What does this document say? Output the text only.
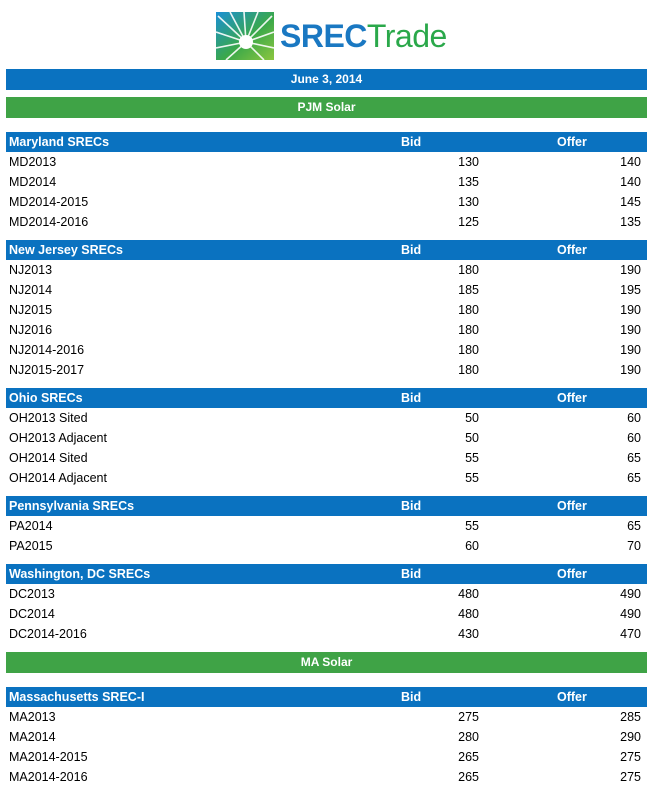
SRECTrade
June 3, 2014
PJM Solar
Maryland SRECs	Bid	Offer
MD2013	130	140
MD2014	135	140
MD2014-2015	130	145
MD2014-2016	125	135
New Jersey SRECs	Bid	Offer
NJ2013	180	190
NJ2014	185	195
NJ2015	180	190
NJ2016	180	190
NJ2014-2016	180	190
NJ2015-2017	180	190
Ohio SRECs	Bid	Offer
OH2013 Sited	50	60
OH2013 Adjacent	50	60
OH2014 Sited	55	65
OH2014 Adjacent	55	65
Pennsylvania SRECs	Bid	Offer
PA2014	55	65
PA2015	60	70
Washington, DC SRECs	Bid	Offer
DC2013	480	490
DC2014	480	490
DC2014-2016	430	470
MA Solar
Massachusetts SREC-I	Bid	Offer
MA2013	275	285
MA2014	280	290
MA2014-2015	265	275
MA2014-2016	265	275
